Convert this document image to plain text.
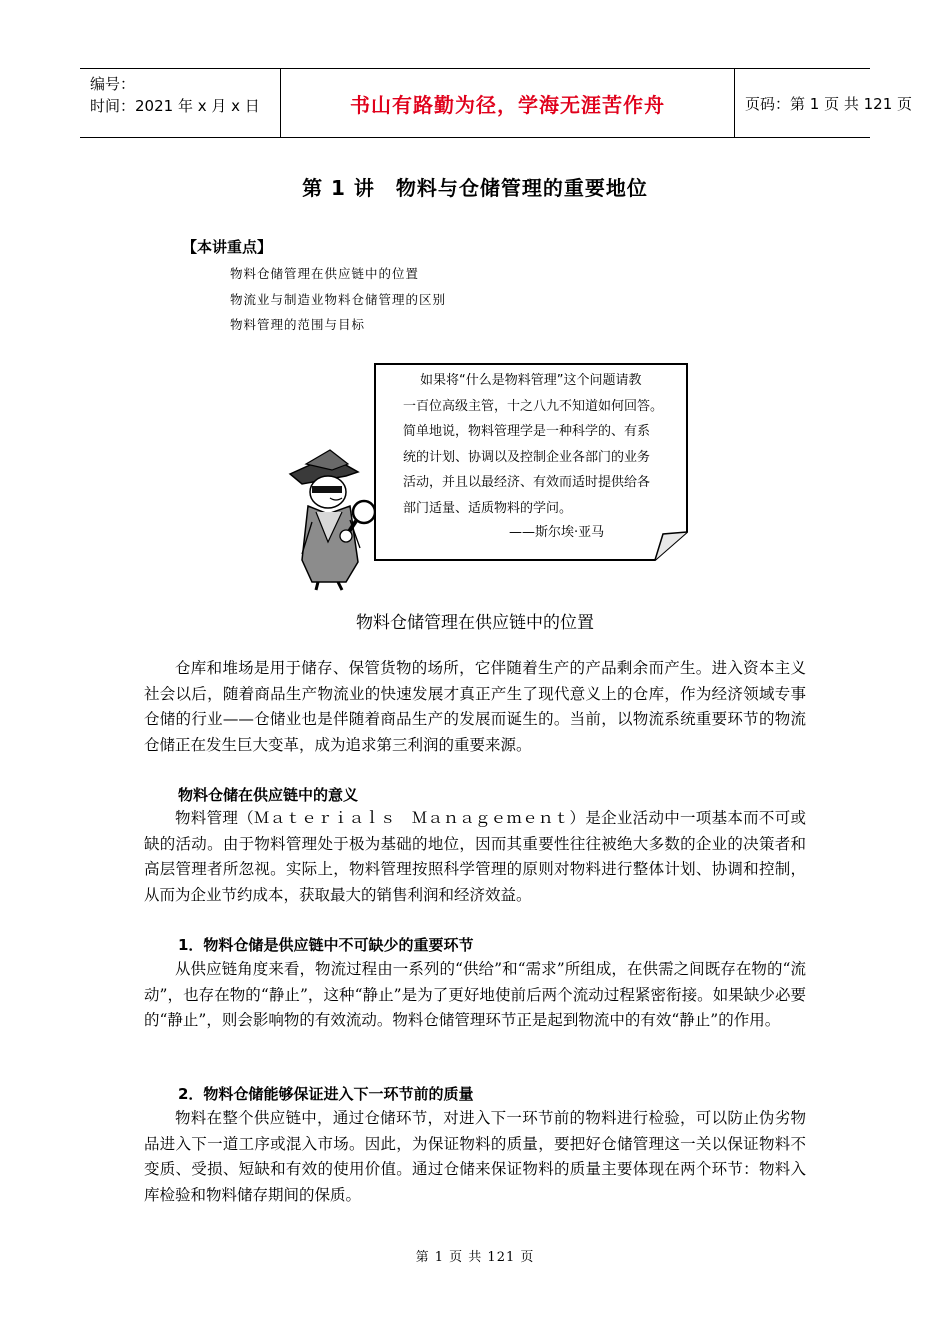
编号：
时间：2021 年 x 月 x 日	书山有路勤为径，学海无涯苦作舟	页码：第 1 页 共 121 页
第 1 讲　物料与仓储管理的重要地位
【本讲重点】
物料仓储管理在供应链中的位置
物流业与制造业物料仓储管理的区别
物料管理的范围与目标

如果将“什么是物料管理”这个问题请教

一百位高级主管，十之八九不知道如何回答。

简单地说，物料管理学是一种科学的、有系

统的计划、协调以及控制企业各部门的业务

活动，并且以最经济、有效而适时提供给各

部门适量、适质物料的学问。

——斯尔埃·亚马
物料仓储管理在供应链中的位置

仓库和堆场是用于储存、保管货物的场所，它伴随着生产的产品剩余而产生。进入资本主义社会以后，随着商品生产物流业的快速发展才真正产生了现代意义上的仓库，作为经济领域专事仓储的行业——仓储业也是伴随着商品生产的发展而诞生的。当前，以物流系统重要环节的物流仓储正在发生巨大变革，成为追求第三利润的重要来源。

物料仓储在供应链中的意义

物料管理（Ｍａｔｅｒｉａｌｓ　Ｍａｎａｇｅｍｅｎｔ）是企业活动中一项基本而不可或缺的活动。由于物料管理处于极为基础的地位，因而其重要性往往被绝大多数的企业的决策者和高层管理者所忽视。实际上，物料管理按照科学管理的原则对物料进行整体计划、协调和控制，从而为企业节约成本，获取最大的销售利润和经济效益。

1．物料仓储是供应链中不可缺少的重要环节

从供应链角度来看，物流过程由一系列的“供给”和“需求”所组成，在供需之间既存在物的“流动”，也存在物的“静止”，这种“静止”是为了更好地使前后两个流动过程紧密衔接。如果缺少必要的“静止”，则会影响物的有效流动。物料仓储管理环节正是起到物流中的有效“静止”的作用。

2．物料仓储能够保证进入下一环节前的质量

物料在整个供应链中，通过仓储环节，对进入下一环节前的物料进行检验，可以防止伪劣物品进入下一道工序或混入市场。因此，为保证物料的质量，要把好仓储管理这一关以保证物料不变质、受损、短缺和有效的使用价值。通过仓储来保证物料的质量主要体现在两个环节：物料入库检验和物料储存期间的保质。

第 1 页 共 121 页
